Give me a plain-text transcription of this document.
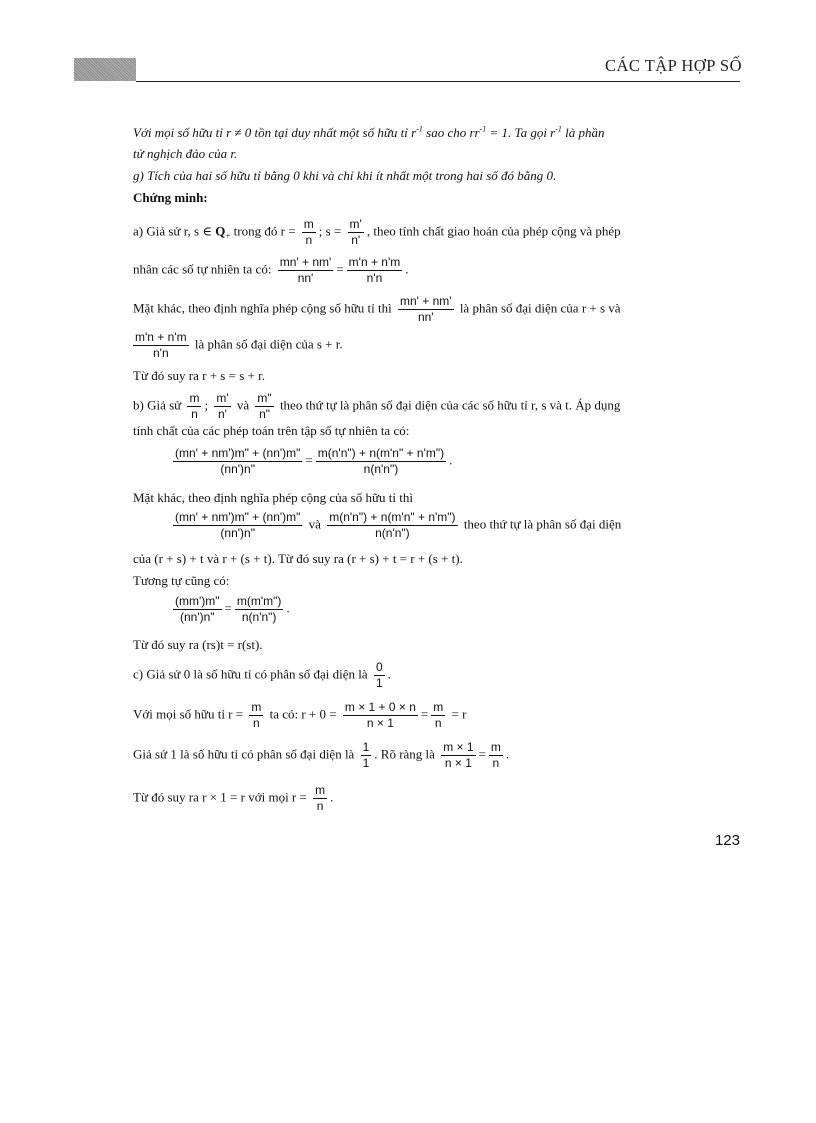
CÁC TẬP HỢP SỐ
Với mọi số hữu tỉ r ≠ 0 tồn tại duy nhất một số hữu tỉ $r^{-1}$ sao cho $rr^{-1} = 1$. Ta gọi $r^{-1}$ là phần
tử nghịch đảo của r.
g) Tích của hai số hữu tỉ bằng 0 khi và chỉ khi ít nhất một trong hai số đó bằng 0.
Chứng minh:
a) Giả sử r, s ∈ $Q_+$ trong đó $r = \frac{m}{n}$ ; $s = \frac{m'}{n'}$ , theo tính chất giao hoán của phép cộng và phép
nhân các số tự nhiên ta có: $\frac{mn' + nm'}{nn'} = \frac{m'n + n'm}{n'n}$ .
Mặt khác, theo định nghĩa phép cộng số hữu tỉ thì $\frac{mn' + nm'}{nn'}$ là phân số đại diện của r + s và
$\frac{m'n + n'm}{n'n}$ là phân số đại diện của s + r.
Từ đó suy ra r + s = s + r.
b) Giả sử $\frac{m}{n}$ ; $\frac{m'}{n'}$ và $\frac{m"}{n"}$ theo thứ tự là phân số đại diện của các số hữu tỉ r, s và t. Áp dụng
tính chất của các phép toán trên tập số tự nhiên ta có:
$\frac{(mn' + nm')m" + (nn')m"}{(nn')n"} = \frac{m(n'n") + n(m'n" + n'm")}{n(n'n")}$ .
Mặt khác, theo định nghĩa phép cộng của số hữu tỉ thì
$\frac{(mn' + nm')m" + (nn')m"}{(nn')n"}$ và $\frac{m(n'n") + n(m'n" + n'm")}{n(n'n")}$ theo thứ tự là phân số đại diện
của (r + s) + t và r + (s + t). Từ đó suy ra (r + s) + t = r + (s + t).
Tương tự cũng có:
$\frac{(mm')m"}{(nn')n"} = \frac{m(m'm")}{n(n'n")}$ .
Từ đó suy ra (rs)t = r(st).
c) Giả sử 0 là số hữu tỉ có phân số đại diện là $\frac{0}{1}$ .
Với mọi số hữu tỉ $r = \frac{m}{n}$ ta có: $r + 0 = \frac{m \times 1 + 0 \times n}{n \times 1} = \frac{m}{n} = r$
Giả sử 1 là số hữu tỉ có phân số đại diện là $\frac{1}{1}$ . Rõ ràng là $\frac{m \times 1}{n \times 1} = \frac{m}{n}$ .
Từ đó suy ra r × 1 = r với mọi $r = \frac{m}{n}$ .
123
